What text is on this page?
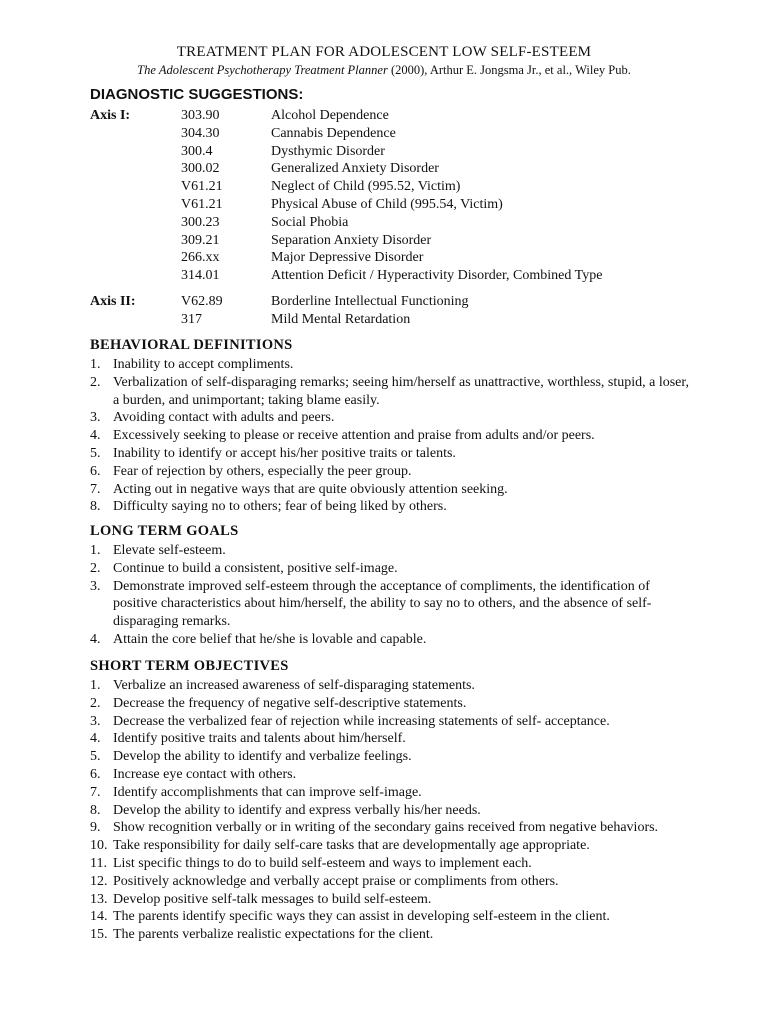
TREATMENT PLAN FOR ADOLESCENT LOW SELF-ESTEEM
The Adolescent Psychotherapy Treatment Planner (2000), Arthur E. Jongsma Jr., et al., Wiley Pub.
DIAGNOSTIC SUGGESTIONS:
Axis I:	303.90	Alcohol Dependence
304.30	Cannabis Dependence
300.4	Dysthymic Disorder
300.02	Generalized Anxiety Disorder
V61.21	Neglect of Child (995.52, Victim)
V61.21	Physical Abuse of Child (995.54, Victim)
300.23	Social Phobia
309.21	Separation Anxiety Disorder
266.xx	Major Depressive Disorder
314.01	Attention Deficit / Hyperactivity Disorder, Combined Type
Axis II:	V62.89	Borderline Intellectual Functioning
317	Mild Mental Retardation
BEHAVIORAL DEFINITIONS
1. Inability to accept compliments.
2. Verbalization of self-disparaging remarks; seeing him/herself as unattractive, worthless, stupid, a loser, a burden, and unimportant; taking blame easily.
3. Avoiding contact with adults and peers.
4. Excessively seeking to please or receive attention and praise from adults and/or peers.
5. Inability to identify or accept his/her positive traits or talents.
6. Fear of rejection by others, especially the peer group.
7. Acting out in negative ways that are quite obviously attention seeking.
8. Difficulty saying no to others; fear of being liked by others.
LONG TERM GOALS
1. Elevate self-esteem.
2. Continue to build a consistent, positive self-image.
3. Demonstrate improved self-esteem through the acceptance of compliments, the identification of positive characteristics about him/herself, the ability to say no to others, and the absence of self-disparaging remarks.
4. Attain the core belief that he/she is lovable and capable.
SHORT TERM OBJECTIVES
1. Verbalize an increased awareness of self-disparaging statements.
2. Decrease the frequency of negative self-descriptive statements.
3. Decrease the verbalized fear of rejection while increasing statements of self- acceptance.
4. Identify positive traits and talents about him/herself.
5. Develop the ability to identify and verbalize feelings.
6. Increase eye contact with others.
7. Identify accomplishments that can improve self-image.
8. Develop the ability to identify and express verbally his/her needs.
9. Show recognition verbally or in writing of the secondary gains received from negative behaviors.
10. Take responsibility for daily self-care tasks that are developmentally age appropriate.
11. List specific things to do to build self-esteem and ways to implement each.
12. Positively acknowledge and verbally accept praise or compliments from others.
13. Develop positive self-talk messages to build self-esteem.
14. The parents identify specific ways they can assist in developing self-esteem in the client.
15. The parents verbalize realistic expectations for the client.
